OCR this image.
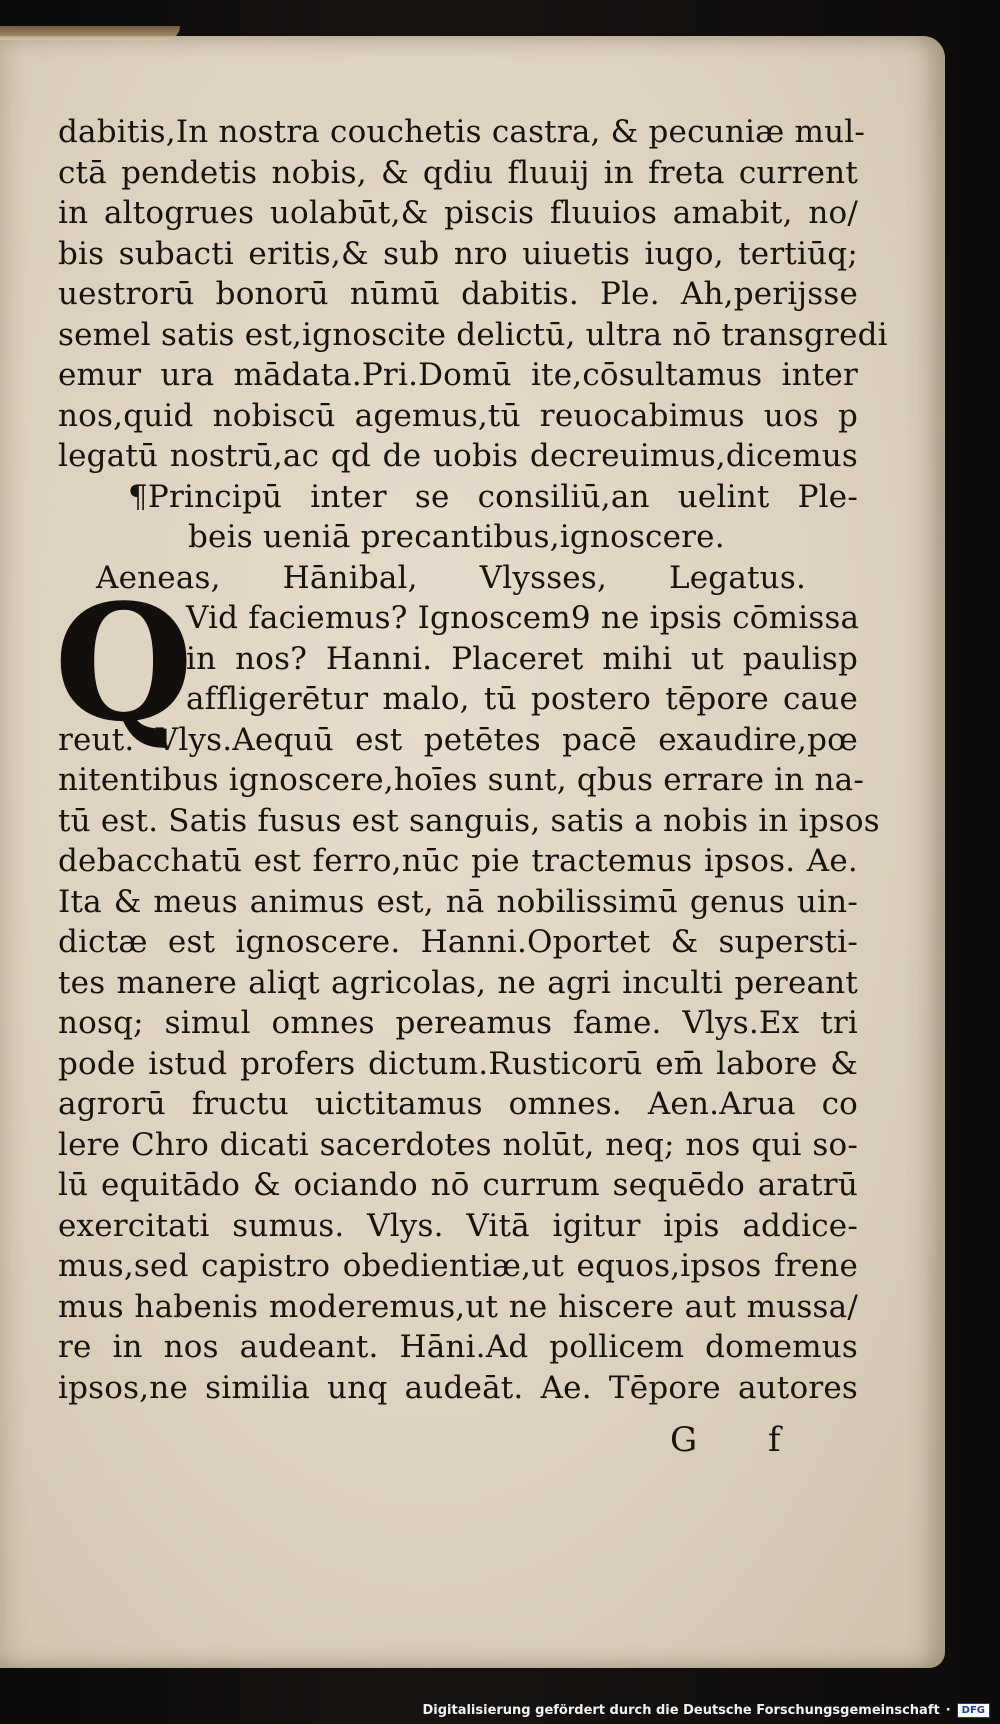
dabitis,In nostra couchetis castra, & pecuniæ mul-
ctā pendetis nobis, & qdiu fluuij in freta current
in altogrues uolabūt,& piscis fluuios amabit, no/
bis subacti eritis,& sub nro uiuetis iugo, tertiūq;
uestrorū bonorū nūmū dabitis. Ple. Ah,perijsse
semel satis est,ignoscite delictū, ultra nō transgredi
emur ura mādata.Pri.Domū ite,cōsultamus inter
nos,quid nobiscū agemus,tū reuocabimus uos p
legatū nostrū,ac qd de uobis decreuimus,dicemus
¶Principū inter se consiliū,an uelint Ple-
beis ueniā precantibus,ignoscere.
Aeneas, Hānibal, Vlysses, Legatus.
Q
Vid faciemus? Ignoscem9 ne ipsis cōmissa
in nos? Hanni. Placeret mihi ut paulisp
affligerētur malo, tū postero tēpore caue
reut. Vlys.Aequū est petētes pacē exaudire,pœ
nitentibus ignoscere,hoīes sunt, qbus errare in na-
tū est. Satis fusus est sanguis, satis a nobis in ipsos
debacchatū est ferro,nūc pie tractemus ipsos. Ae.
Ita & meus animus est, nā nobilissimū genus uin-
dictæ est ignoscere. Hanni.Oportet & supersti-
tes manere aliqt agricolas, ne agri inculti pereant
nosq; simul omnes pereamus fame. Vlys.Ex tri
pode istud profers dictum.Rusticorū em̄ labore &
agrorū fructu uictitamus omnes. Aen.Arua co
lere Chro dicati sacerdotes nolūt, neq; nos qui so-
lū equitādo & ociando nō currum sequēdo aratrū
exercitati sumus. Vlys. Vitā igitur ipis addice-
mus,sed capistro obedientiæ,ut equos,ipsos frene
mus habenis moderemus,ut ne hiscere aut mussa/
re in nos audeant. Hāni.Ad pollicem domemus
ipsos,ne similia unq audeāt. Ae. Tēpore autores
G f
Digitalisierung gefördert durch die Deutsche Forschungsgemeinschaft ·	DFG
